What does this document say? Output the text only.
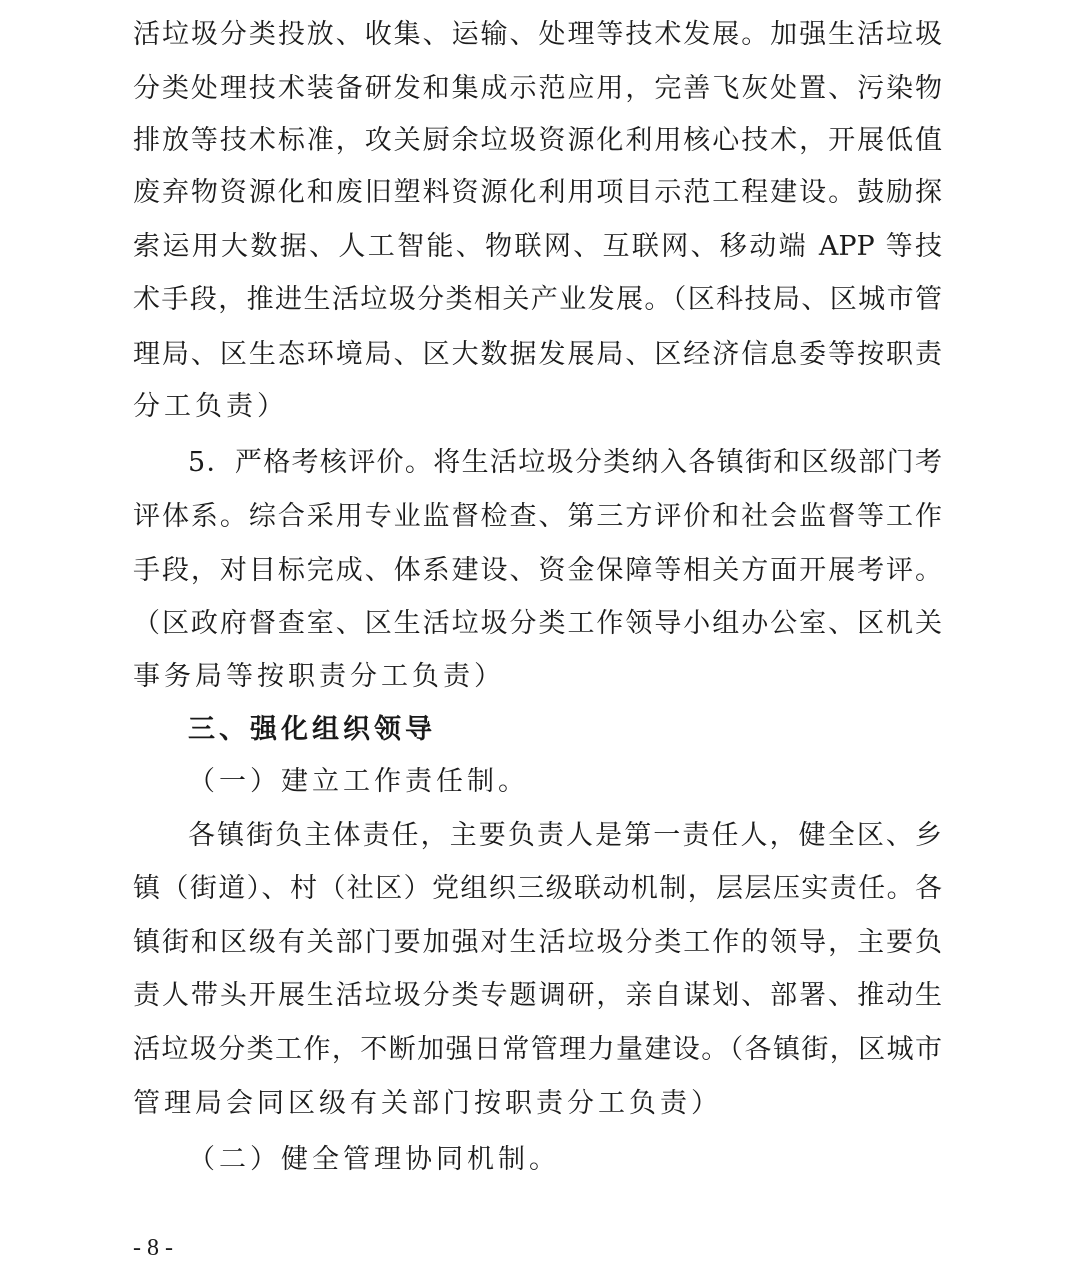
活垃圾分类投放、收集、运输、处理等技术发展。加强生活垃圾
分类处理技术装备研发和集成示范应用，完善飞灰处置、污染物
排放等技术标准，攻关厨余垃圾资源化利用核心技术，开展低值
废弃物资源化和废旧塑料资源化利用项目示范工程建设。鼓励探
索运用大数据、人工智能、物联网、互联网、移动端 APP 等技
术手段，推进生活垃圾分类相关产业发展。（区科技局、区城市管
理局、区生态环境局、区大数据发展局、区经济信息委等按职责
分工负责）
5．严格考核评价。将生活垃圾分类纳入各镇街和区级部门考
评体系。综合采用专业监督检查、第三方评价和社会监督等工作
手段，对目标完成、体系建设、资金保障等相关方面开展考评。
（区政府督查室、区生活垃圾分类工作领导小组办公室、区机关
事务局等按职责分工负责）
三、强化组织领导
（一）建立工作责任制。
各镇街负主体责任，主要负责人是第一责任人，健全区、乡
镇（街道）、村（社区）党组织三级联动机制，层层压实责任。各
镇街和区级有关部门要加强对生活垃圾分类工作的领导，主要负
责人带头开展生活垃圾分类专题调研，亲自谋划、部署、推动生
活垃圾分类工作，不断加强日常管理力量建设。（各镇街，区城市
管理局会同区级有关部门按职责分工负责）
（二）健全管理协同机制。
- 8 -
